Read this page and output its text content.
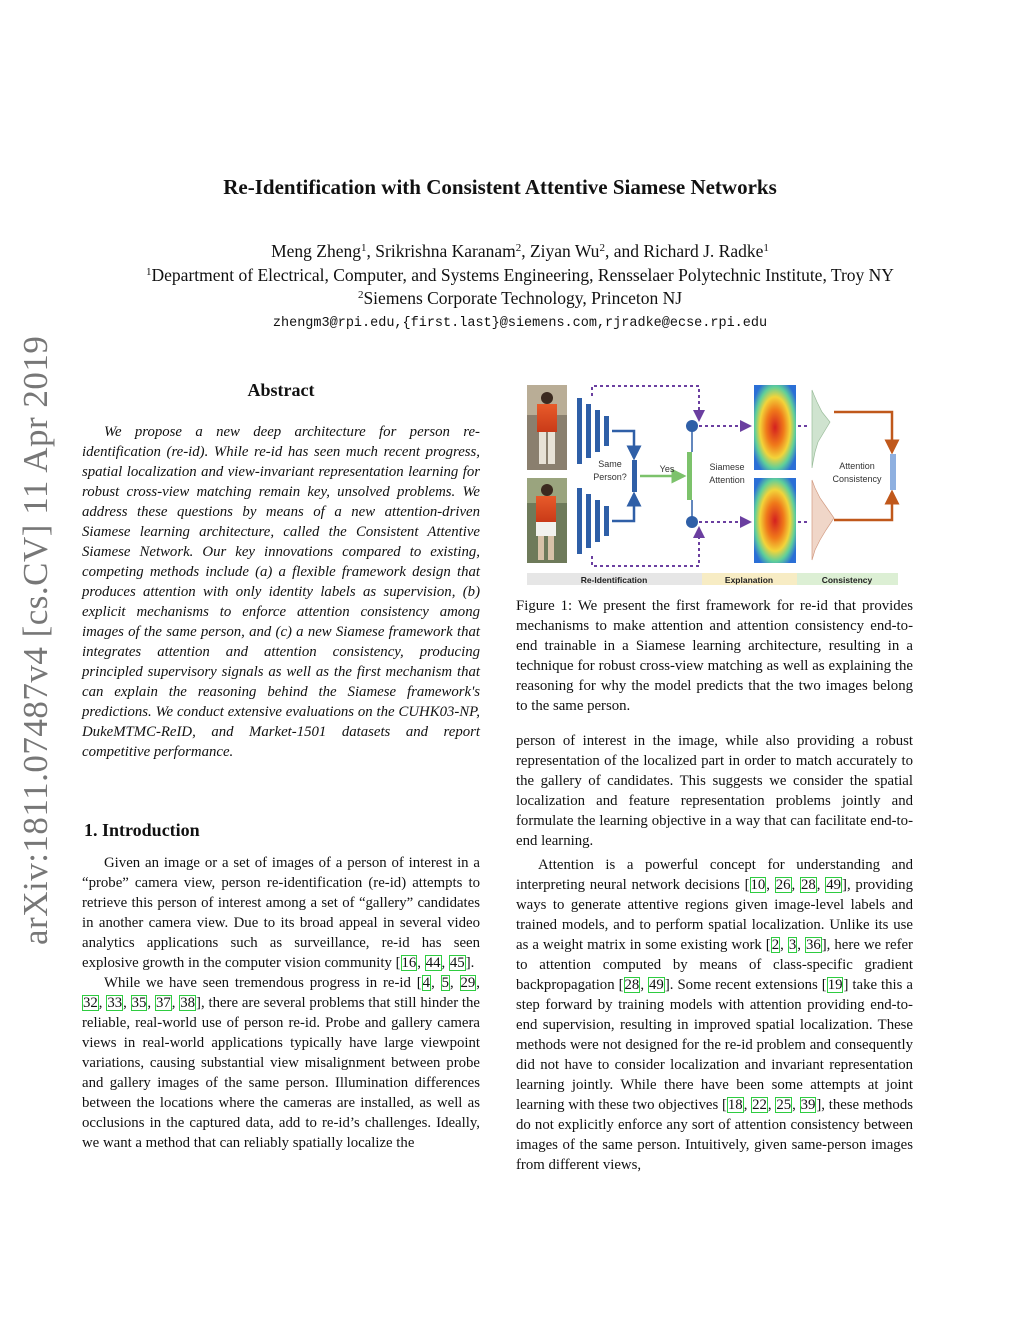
Re-Identification with Consistent Attentive Siamese Networks
Meng Zheng$^1$, Srikrishna Karanam$^2$, Ziyan Wu$^2$, and Richard J. Radke$^1$
$^1$Department of Electrical, Computer, and Systems Engineering, Rensselaer Polytechnic Institute, Troy NY
$^2$Siemens Corporate Technology, Princeton NJ
zhengm3@rpi.edu,{first.last}@siemens.com,rjradke@ecse.rpi.edu
arXiv:1811.07487v4 [cs.CV] 11 Apr 2019	Abstract

We propose a new deep architecture for person re-identification (re-id). While re-id has seen much recent progress, spatial localization and view-invariant representation learning for robust cross-view matching remain key, unsolved problems. We address these questions by means of a new attention-driven Siamese learning architecture, called the Consistent Attentive Siamese Network. Our key innovations compared to existing, competing methods include (a) a flexible framework design that produces attention with only identity labels as supervision, (b) explicit mechanisms to enforce attention consistency among images of the same person, and (c) a new Siamese framework that integrates attention and attention consistency, producing principled supervisory signals as well as the first mechanism that can explain the reasoning behind the Siamese framework's predictions. We conduct extensive evaluations on the CUHK03-NP, DukeMTMC-ReID, and Market-1501 datasets and report competitive performance.

1. Introduction

Given an image or a set of images of a person of interest in a “probe” camera view, person re-identification (re-id) attempts to retrieve this person of interest among a set of “gallery” candidates in another camera view. Due to its broad appeal in several video analytics applications such as surveillance, re-id has seen explosive growth in the computer vision community [16, 44, 45].

While we have seen tremendous progress in re-id [4, 5, 29, 32, 33, 35, 37, 38], there are several problems that still hinder the reliable, real-world use of person re-id. Probe and gallery camera views in real-world applications typically have large viewpoint variations, causing substantial view misalignment between probe and gallery images of the same person. Illumination differences between the locations where the cameras are installed, as well as occlusions in the captured data, add to re-id’s challenges. Ideally, we want a method that can reliably spatially localize the

Same
Person?
Yes	Siamese
Attention
Attention
Consistency
Re-Identification	Explanation	Consistency

Figure 1: We present the first framework for re-id that provides mechanisms to make attention and attention consistency end-to-end trainable in a Siamese learning architecture, resulting in a technique for robust cross-view matching as well as explaining the reasoning for why the model predicts that the two images belong to the same person.

person of interest in the image, while also providing a robust representation of the localized part in order to match accurately to the gallery of candidates. This suggests we consider the spatial localization and feature representation problems jointly and formulate the learning objective in a way that can facilitate end-to-end learning.

Attention is a powerful concept for understanding and interpreting neural network decisions [10, 26, 28, 49], providing ways to generate attentive regions given image-level labels and trained models, and to perform spatial localization. Unlike its use as a weight matrix in some existing work [2, 3, 36], here we refer to attention computed by means of class-specific gradient backpropagation [28, 49]. Some recent extensions [19] take this a step forward by training models with attention providing end-to-end supervision, resulting in improved spatial localization. These methods were not designed for the re-id problem and consequently did not have to consider localization and invariant representation learning jointly. While there have been some attempts at joint learning with these two objectives [18, 22, 25, 39], these methods do not explicitly enforce any sort of attention consistency between images of the same person. Intuitively, given same-person images from different views,
